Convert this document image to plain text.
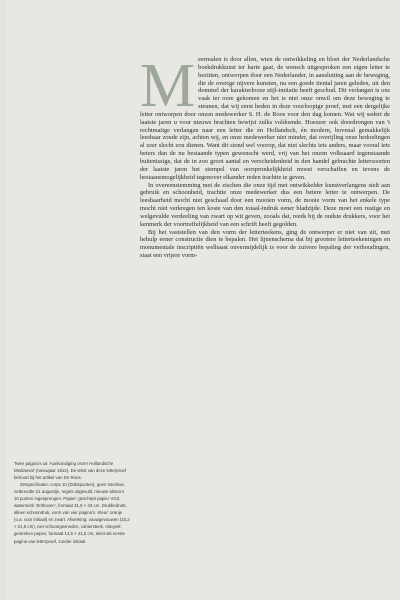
Meermalen is door allen, wien de ontwikkeling en bloei der Nederlandsche boekdrukkunst ter harte gaat, de wensch uitgesproken een eigen letter te bezitten, ontworpen door een Nederlander, in aansluiting aan de beweging, die de overige nijvere kunsten, nu een goede tiental jaren geleden, uit den dommel der karakterlooze stijl-imitatie heeft geschud. Dit verlangen is ons vaak ter oore gekomen en het is niet onze onwil om deze beweging te steunen, dat wij eerst heden in deze voorloopige proef, met een dergelijke letter ontworpen door onzen medewerker S. H. de Roos voor den dag komen. Wat wij sedert de laatste jaren u voor nieuws brachten bewijst zulks voldoende. Hoezeer ook doordrongen van 't rechtmatige verlangen naar een letter die én Hollandsch, én modern, bovenal gemakkelijk leesbaar zoude zijn, achten wij, en onze medewerker niet minder, dat overijling onze bedoelingen al zeer slecht zou dienen. Want dit stond wel voorop, dat niet slechts iets anders, maar vooral iets beters dan de nu bestaande typen gewenscht werd, vrij van het onzen volksaard tegenstaande buitenissige, dat de in zoo groot aantal en verscheidenheid in den handel gebrachte lettersoorten der laatste jaren het stempel van oorspronkelijkheid moest verschaffen en tevens de bestaansmogelijkheid tegenover elkander reden trachtte te geven.

In overeenstemming met de eischen die onze tijd met ontwikkelder kunstverlangens stelt aan gebruik en schoonheid, trachtte onze medewerker dus een betere letter te ontwerpen. De leesbaarheid mocht niet geschaad door een mooien vorm, de mooie vorm van het enkele type mocht niet verkregen ten koste van den totaal-indruk eener bladzijde. Deze moet een rustige en welgevulde verdeeling van zwart op wit geven, zooals dat, reeds bij de oudste drukkers, voor het kenmerk der voortreffelijkheid van een schrift heeft gegolden.

Bij het vaststellen van den vorm der letterteekens, ging de ontwerper er niet van uit, met behulp eener constructie dien te bepalen. Het lijnenschema dat bij grootere letterteekeningen en monumentale inscriptiën welhaast onvermijdelijk is voor de zuivere bepaling der verhoudingen, staat een vrijere vorm-

Twee pagina’s uit ‘Aankondiging onzer Hollandsche Mediaeval’ (nieuwjaar 1912). De tekst van deze letterproef behoort bij het artikel van De Roos.

Zetspecificatie: corps 10 (Didotpunten), geen interlinie, zetbreedte 21 augustijn, regels uitgevuld, nieuwe alinea’s 10 punten ingesprongen. Papier: geschept papier VGZ, watermerk ‘Enthoven’, formaat 31,5 × 43 cm. Drukbedrukt, alleen schoondruk, vorm van vier pagina’s. Kleur: oranje (o.a. voor initiaal) en zwart. Afwerking: vouwgevouwen (15,2 × 21,5 cm), niet schoongesneden, cahiersteek. Inlegvel: gestreken papier, formaat 14,5 × 21,5 cm, tekst als eerste pagina van letterproef, zonder initiaal.
